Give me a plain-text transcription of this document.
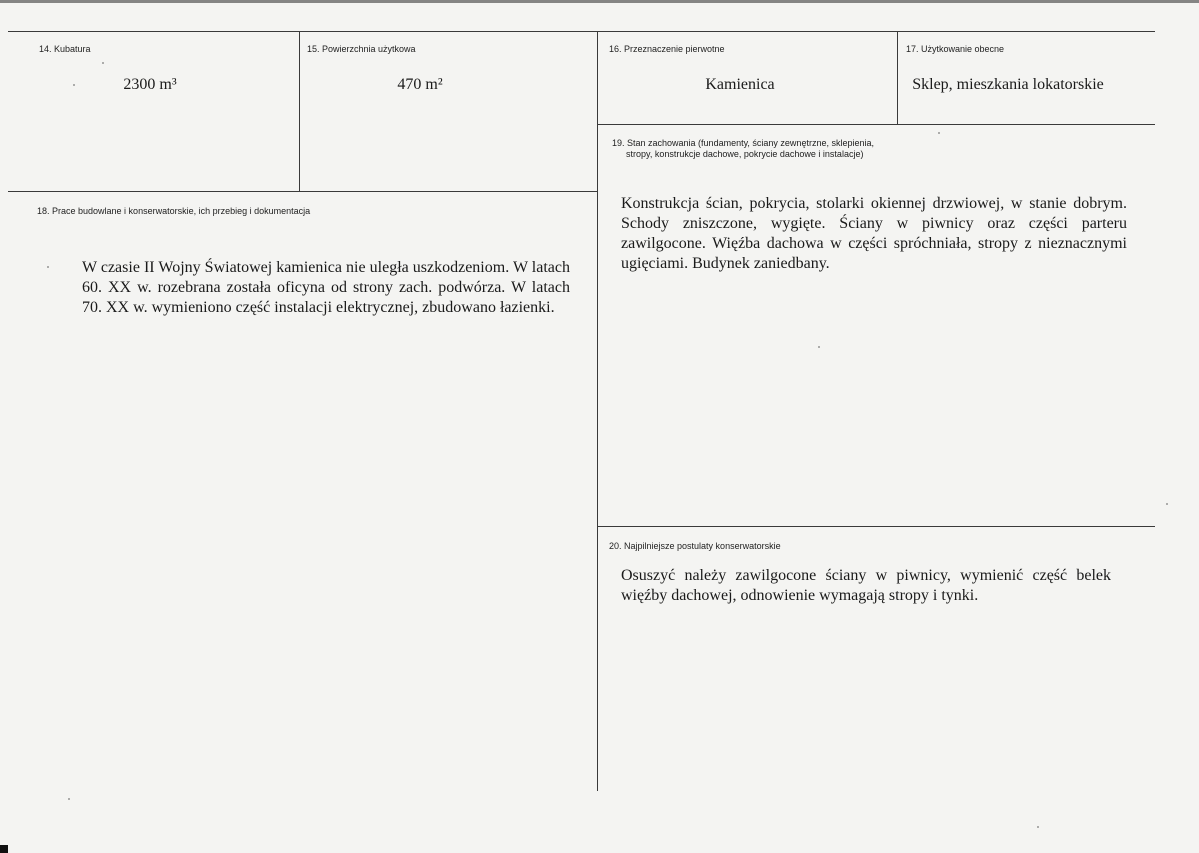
14. Kubatura
2300 m³
15. Powierzchnia użytkowa
470 m²
16. Przeznaczenie pierwotne
Kamienica
17. Użytkowanie obecne
Sklep, mieszkania lokatorskie
19. Stan zachowania (fundamenty, ściany zewnętrzne, sklepienia,
stropy, konstrukcje dachowe, pokrycie dachowe i instalacje)
Konstrukcja ścian, pokrycia, stolarki okiennej drzwiowej, w stanie dobrym. Schody zniszczone, wygięte. Ściany w piwnicy oraz części parteru zawilgocone. Więźba dachowa w części spróchniała, stropy z nieznacznymi ugięciami. Budynek zaniedbany.
18. Prace budowlane i konserwatorskie, ich przebieg i dokumentacja
W czasie II Wojny Światowej kamienica nie uległa uszkodzeniom. W latach 60. XX w. rozebrana została oficyna od strony zach. podwórza. W latach 70. XX w. wymieniono część instalacji elektrycznej, zbudowano łazienki.
20. Najpilniejsze postulaty konserwatorskie
Osuszyć należy zawilgocone ściany w piwnicy, wymienić część belek więźby dachowej, odnowienie wymagają stropy i tynki.
